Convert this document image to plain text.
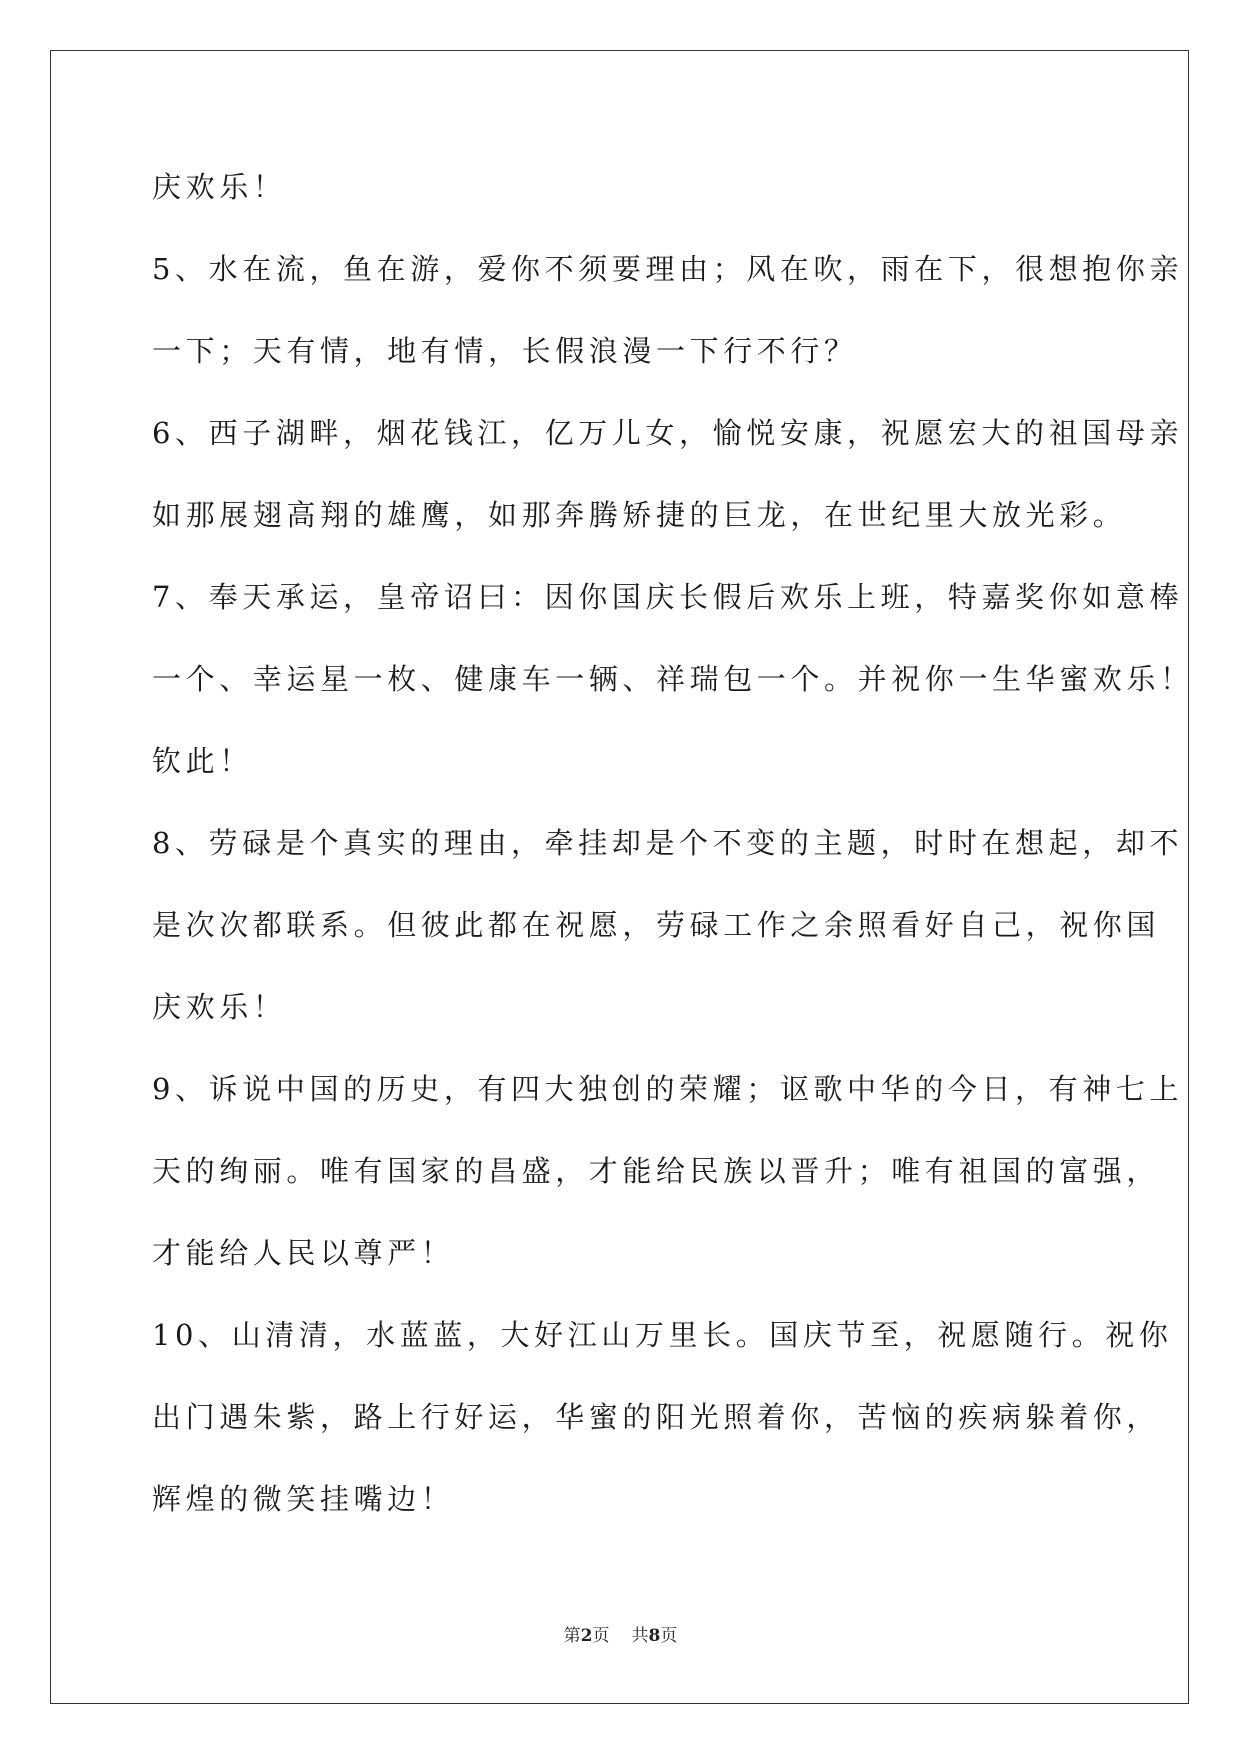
庆欢乐！
5、水在流，鱼在游，爱你不须要理由；风在吹，雨在下，很想抱你亲
一下；天有情，地有情，长假浪漫一下行不行？
6、西子湖畔，烟花钱江，亿万儿女，愉悦安康，祝愿宏大的祖国母亲
如那展翅高翔的雄鹰，如那奔腾矫捷的巨龙，在世纪里大放光彩。
7、奉天承运，皇帝诏曰：因你国庆长假后欢乐上班，特嘉奖你如意棒
一个、幸运星一枚、健康车一辆、祥瑞包一个。并祝你一生华蜜欢乐！
钦此！
8、劳碌是个真实的理由，牵挂却是个不变的主题，时时在想起，却不
是次次都联系。但彼此都在祝愿，劳碌工作之余照看好自己，祝你国
庆欢乐！
9、诉说中国的历史，有四大独创的荣耀；讴歌中华的今日，有神七上
天的绚丽。唯有国家的昌盛，才能给民族以晋升；唯有祖国的富强，
才能给人民以尊严！
10、山清清，水蓝蓝，大好江山万里长。国庆节至，祝愿随行。祝你
出门遇朱紫，路上行好运，华蜜的阳光照着你，苦恼的疾病躲着你，
辉煌的微笑挂嘴边！
第2页 共8页
